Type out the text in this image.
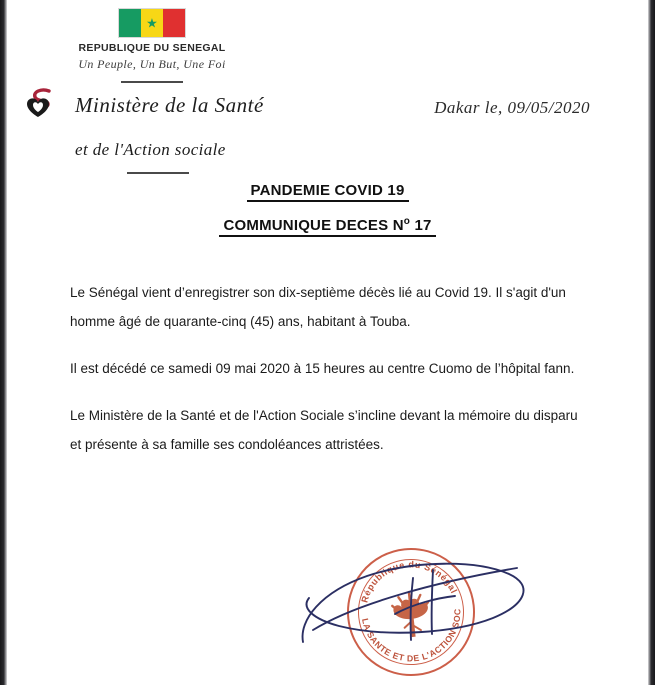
★
REPUBLIQUE DU SENEGAL
Un Peuple, Un But, Une Foi
Ministère de la Santé
et de l'Action sociale
Dakar le, 09/05/2020
PANDEMIE COVID 19
COMMUNIQUE DECES $N^o$ 17

Le Sénégal vient d’enregistrer son dix-septième décès lié au Covid 19. Il s'agit d'un homme âgé de quarante-cinq (45) ans, habitant à Touba.

Il est décédé ce samedi 09 mai 2020 à 15 heures au centre Cuomo de l’hôpital fann.

Le Ministère de la Santé et de l'Action Sociale s’incline devant la mémoire du disparu et présente à sa famille ses condoléances attristées.

République du Sénégal
DE LA SANTE ET DE L'ACTION SOCIAL
